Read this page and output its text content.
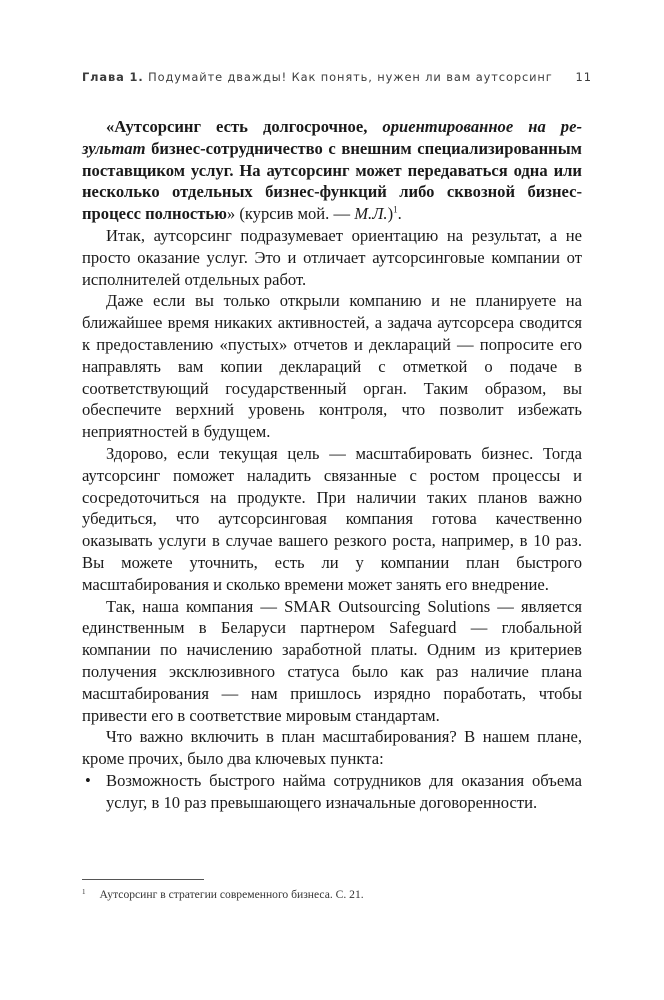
Глава 1. Подумайте дважды! Как понять, нужен ли вам аутсорсинг 11

«Аутсорсинг есть долгосрочное, ориентированное на результат бизнес-сотрудничество с внешним специализированным поставщиком услуг. На аутсорсинг может передаваться одна или несколько отдельных бизнес-функций либо сквозной бизнес-процесс полностью» (курсив мой. — М.Л.)$^1$.

Итак, аутсорсинг подразумевает ориентацию на результат, а не просто оказание услуг. Это и отличает аутсорсинговые компании от исполнителей отдельных работ.

Даже если вы только открыли компанию и не планируете на ближайшее время никаких активностей, а задача аутсорсера сводится к предоставлению «пустых» отчетов и деклараций — попросите его направлять вам копии деклараций с отметкой о подаче в соответствующий государственный орган. Таким образом, вы обеспечите верхний уровень контроля, что позволит избежать неприятностей в будущем.

Здорово, если текущая цель — масштабировать бизнес. Тогда аутсорсинг поможет наладить связанные с ростом процессы и сосредоточиться на продукте. При наличии таких планов важно убедиться, что аутсорсинговая компания готова качественно оказывать услуги в случае вашего резкого роста, например, в 10 раз. Вы можете уточнить, есть ли у компании план быстрого масштабирования и сколько времени может занять его внедрение.

Так, наша компания — SMAR Outsourcing Solutions — является единственным в Беларуси партнером Safeguard — глобальной компании по начислению заработной платы. Одним из критериев получения эксклюзивного статуса было как раз наличие плана масштабирования — нам пришлось изрядно поработать, чтобы привести его в соответствие мировым стандартам.

Что важно включить в план масштабирования? В нашем плане, кроме прочих, было два ключевых пункта:

• Возможность быстрого найма сотрудников для оказания объема услуг, в 10 раз превышающего изначальные договоренности.
$^1$ Аутсорсинг в стратегии современного бизнеса. С. 21.
